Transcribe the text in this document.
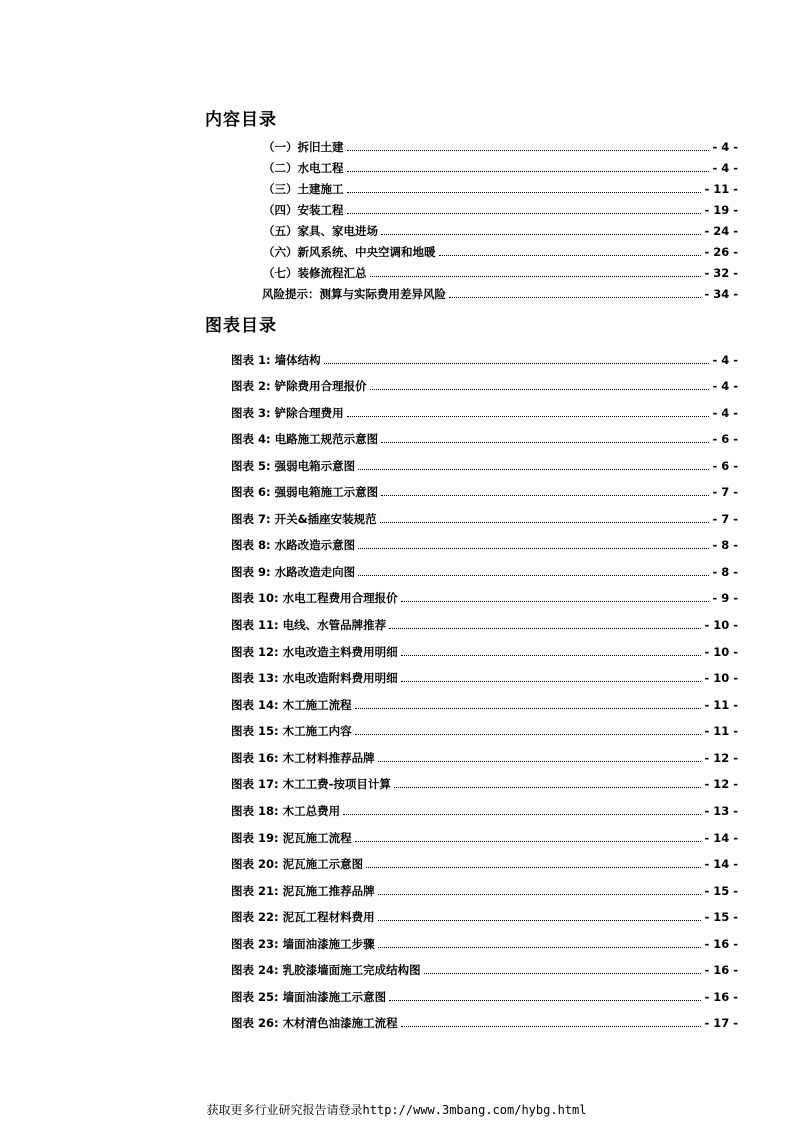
内容目录
（一）拆旧土建	- 4 -
（二）水电工程	- 4 -
（三）土建施工	- 11 -
（四）安装工程	- 19 -
（五）家具、家电进场	- 24 -
（六）新风系统、中央空调和地暖	- 26 -
（七）装修流程汇总	- 32 -
风险提示：测算与实际费用差异风险	- 34 -
图表目录
图表 1: 墙体结构	- 4 -
图表 2: 铲除费用合理报价	- 4 -
图表 3: 铲除合理费用	- 4 -
图表 4: 电路施工规范示意图	- 6 -
图表 5: 强弱电箱示意图	- 6 -
图表 6: 强弱电箱施工示意图	- 7 -
图表 7: 开关&插座安装规范	- 7 -
图表 8: 水路改造示意图	- 8 -
图表 9: 水路改造走向图	- 8 -
图表 10: 水电工程费用合理报价	- 9 -
图表 11: 电线、水管品牌推荐	- 10 -
图表 12: 水电改造主料费用明细	- 10 -
图表 13: 水电改造附料费用明细	- 10 -
图表 14: 木工施工流程	- 11 -
图表 15: 木工施工内容	- 11 -
图表 16: 木工材料推荐品牌	- 12 -
图表 17: 木工工费-按项目计算	- 12 -
图表 18: 木工总费用	- 13 -
图表 19: 泥瓦施工流程	- 14 -
图表 20: 泥瓦施工示意图	- 14 -
图表 21: 泥瓦施工推荐品牌	- 15 -
图表 22: 泥瓦工程材料费用	- 15 -
图表 23: 墙面油漆施工步骤	- 16 -
图表 24: 乳胶漆墙面施工完成结构图	- 16 -
图表 25: 墙面油漆施工示意图	- 16 -
图表 26: 木材清色油漆施工流程	- 17 -
获取更多行业研究报告请登录http://www.3mbang.com/hybg.html
